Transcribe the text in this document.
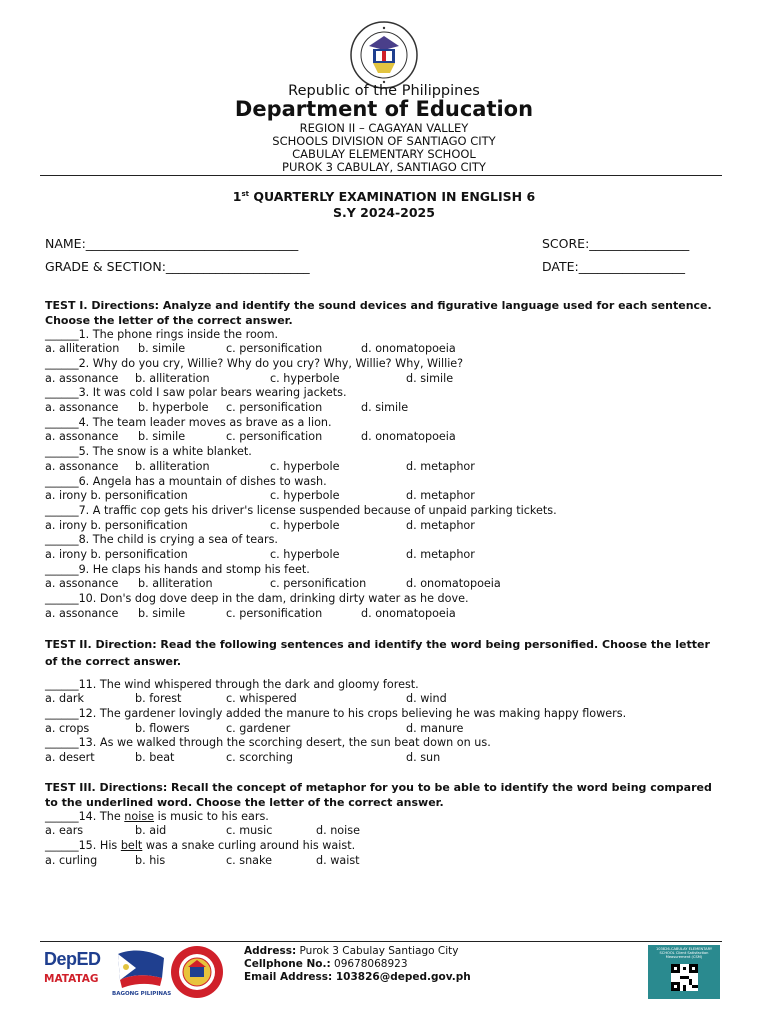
Republic of the Philippines
Department of Education
REGION II – CAGAYAN VALLEY
SCHOOLS DIVISION OF SANTIAGO CITY
CABULAY ELEMENTARY SCHOOL
PUROK 3 CABULAY, SANTIAGO CITY
1st QUARTERLY EXAMINATION IN ENGLISH 6
S.Y 2024-2025
NAME:__________________________________	SCORE:________________
GRADE & SECTION:_______________________	DATE:_________________
TEST I. Directions: Analyze and identify the sound devices and figurative language used for each sentence. Choose the letter of the correct answer.
______1. The phone rings inside the room.
a. alliteration b. simile	c. personification	d. onomatopoeia
______2. Why do you cry, Willie? Why do you cry? Why, Willie? Why, Willie?
a. assonance b. alliteration	c. hyperbole	d. simile
______3. It was cold I saw polar bears wearing jackets.
a. assonance b. hyperbole c. personification	d. simile
______4. The team leader moves as brave as a lion.
a. assonance b. simile	c. personification	d. onomatopoeia
______5. The snow is a white blanket.
a. assonance b. alliteration	c. hyperbole	d. metaphor
______6. Angela has a mountain of dishes to wash.
a. irony b. personification	c. hyperbole	d. metaphor
______7. A traffic cop gets his driver's license suspended because of unpaid parking tickets.
a. irony b. personification	c. hyperbole	d. metaphor
______8. The child is crying a sea of tears.
a. irony b. personification	c. hyperbole	d. metaphor
______9. He claps his hands and stomp his feet.
a. assonance b. alliteration	c. personification	d. onomatopoeia
______10. Don's dog dove deep in the dam, drinking dirty water as he dove.
a. assonance b. simile	c. personification	d. onomatopoeia
TEST II. Direction: Read the following sentences and identify the word being personified. Choose the letter of the correct answer.
______11. The wind whispered through the dark and gloomy forest.
a. dark	b. forest	c. whispered	d. wind
______12. The gardener lovingly added the manure to his crops believing he was making happy flowers.
a. crops	b. flowers	c. gardener	d. manure
______13. As we walked through the scorching desert, the sun beat down on us.
a. desert	b. beat	c. scorching	d. sun
TEST III. Directions: Recall the concept of metaphor for you to be able to identify the word being compared to the underlined word. Choose the letter of the correct answer.
______14. The noise is music to his ears.
a. ears	b. aid	c. music	d. noise
______15. His belt was a snake curling around his waist.
a. curling	b. his	c. snake	d. waist
DepED
MATATAG
BAGONG PILIPINAS
Address: Purok 3 Cabulay Santiago City
Cellphone No.: 09678068923
Email Address: 103826@deped.gov.ph
103826-CABULAY ELEMENTARY SCHOOL Client Satisfaction Measurement (CSM)
